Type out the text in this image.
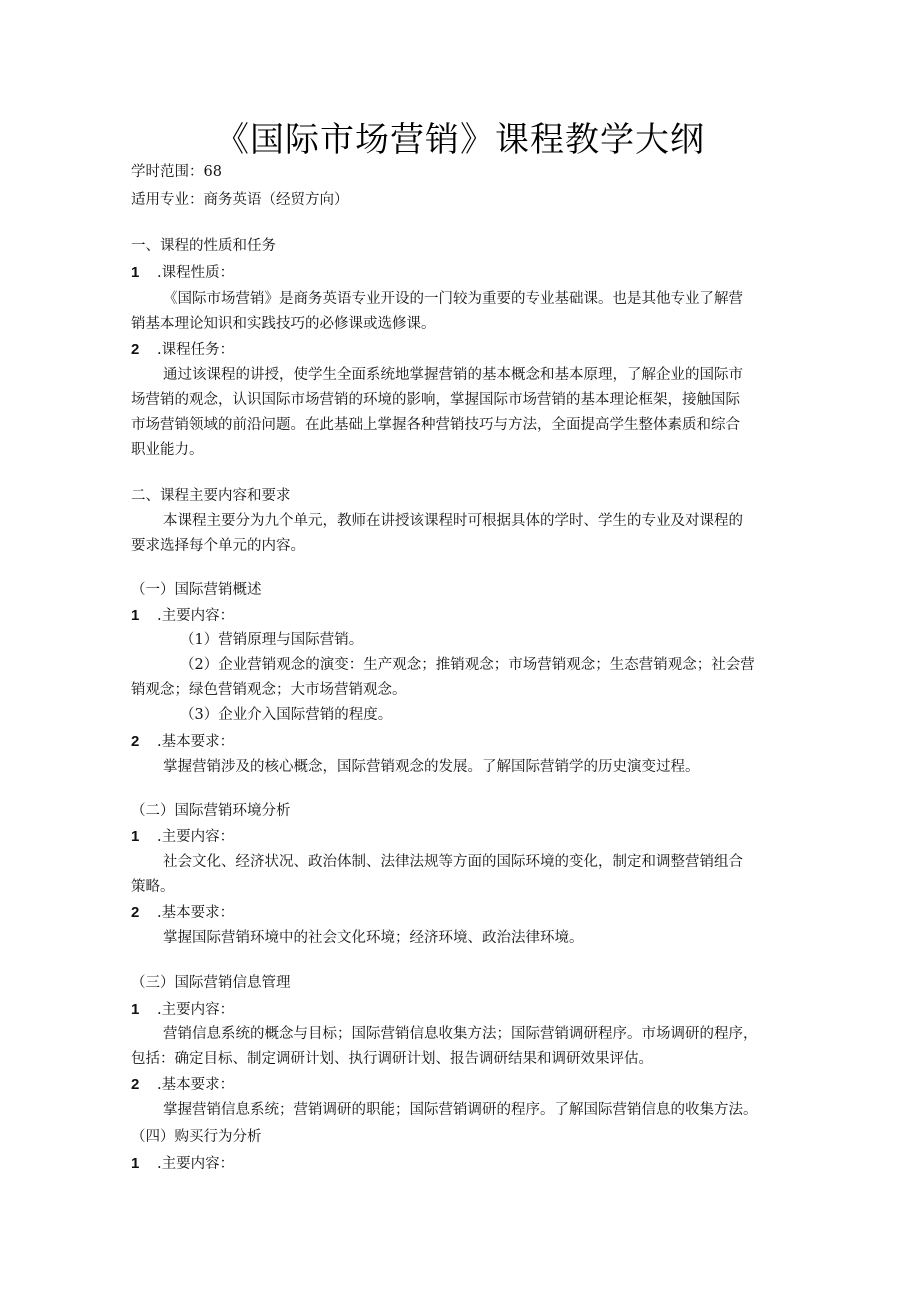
《国际市场营销》课程教学大纲
学时范围：68
适用专业：商务英语（经贸方向）
一、课程的性质和任务
1 .课程性质：
《国际市场营销》是商务英语专业开设的一门较为重要的专业基础课。也是其他专业了解营
销基本理论知识和实践技巧的必修课或选修课。
2 .课程任务：
通过该课程的讲授，使学生全面系统地掌握营销的基本概念和基本原理，了解企业的国际市
场营销的观念，认识国际市场营销的环境的影响，掌握国际市场营销的基本理论框架，接触国际
市场营销领域的前沿问题。在此基础上掌握各种营销技巧与方法，全面提高学生整体素质和综合
职业能力。
二、课程主要内容和要求
本课程主要分为九个单元，教师在讲授该课程时可根据具体的学时、学生的专业及对课程的
要求选择每个单元的内容。
（一）国际营销概述
1 .主要内容：
（1）营销原理与国际营销。
（2）企业营销观念的演变：生产观念；推销观念；市场营销观念；生态营销观念；社会营
销观念；绿色营销观念；大市场营销观念。
（3）企业介入国际营销的程度。
2 .基本要求：
掌握营销涉及的核心概念，国际营销观念的发展。了解国际营销学的历史演变过程。
（二）国际营销环境分析
1 .主要内容：
社会文化、经济状况、政治体制、法律法规等方面的国际环境的变化，制定和调整营销组合
策略。
2 .基本要求：
掌握国际营销环境中的社会文化环境；经济环境、政治法律环境。
（三）国际营销信息管理
1 .主要内容：
营销信息系统的概念与目标；国际营销信息收集方法；国际营销调研程序。市场调研的程序，
包括：确定目标、制定调研计划、执行调研计划、报告调研结果和调研效果评估。
2 .基本要求：
掌握营销信息系统；营销调研的职能；国际营销调研的程序。了解国际营销信息的收集方法。
（四）购买行为分析
1 .主要内容：
